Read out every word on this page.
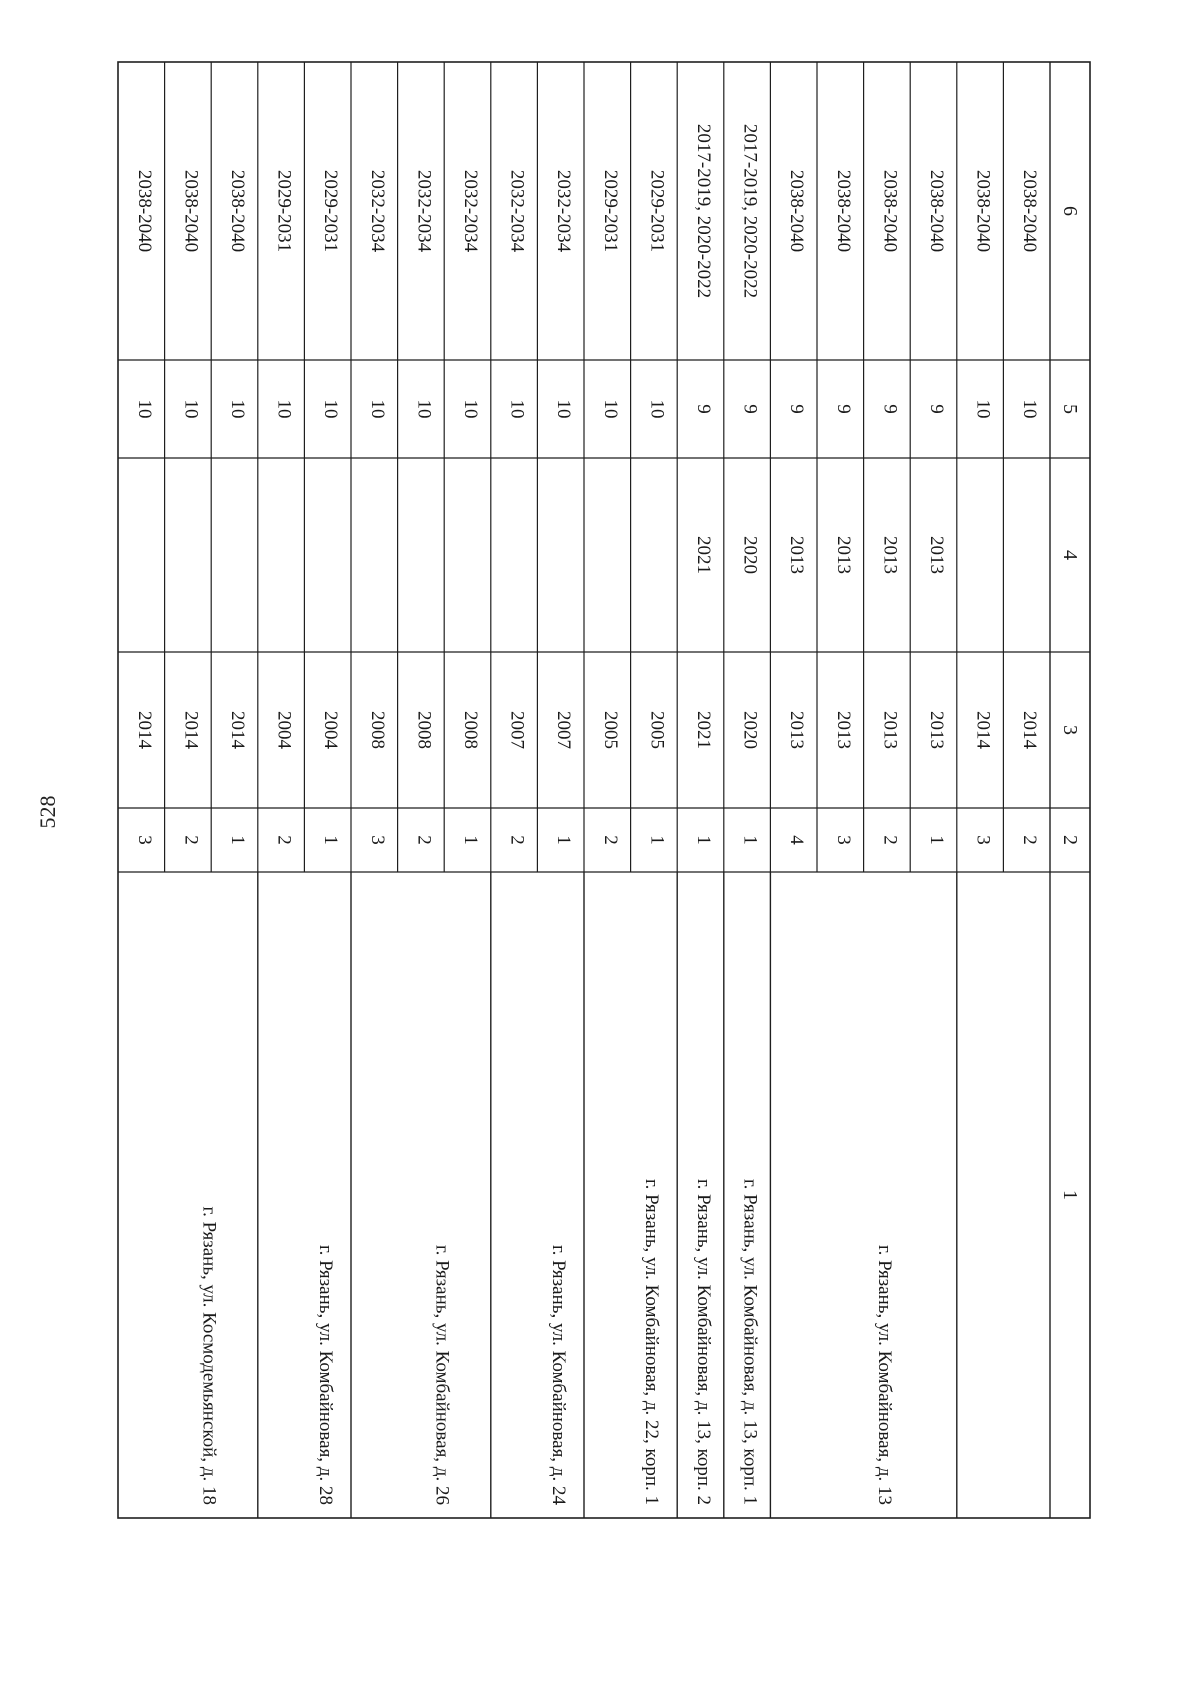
528
1
2
3
4
5
6
2
2014
10
2038-2040
3
2014
10
2038-2040
1
2013
2013
9
2038-2040
2
2013
2013
9
2038-2040
3
2013
2013
9
2038-2040
4
2013
2013
9
2038-2040
г. Рязань, ул. Комбайновая, д. 13
1
2020
2020
9
2017-2019, 2020-2022
г. Рязань, ул. Комбайновая, д. 13, корп. 1
1
2021
2021
9
2017-2019, 2020-2022
г. Рязань, ул. Комбайновая, д. 13, корп. 2
1
2005
10
2029-2031
2
2005
10
2029-2031
г. Рязань, ул. Комбайновая, д. 22, корп. 1
1
2007
10
2032-2034
2
2007
10
2032-2034
г. Рязань, ул. Комбайновая, д. 24
1
2008
10
2032-2034
2
2008
10
2032-2034
3
2008
10
2032-2034
г. Рязань, ул. Комбайновая, д. 26
1
2004
10
2029-2031
2
2004
10
2029-2031
г. Рязань, ул. Комбайновая, д. 28
1
2014
10
2038-2040
2
2014
10
2038-2040
3
2014
10
2038-2040
г. Рязань, ул. Космодемьянской, д. 18
